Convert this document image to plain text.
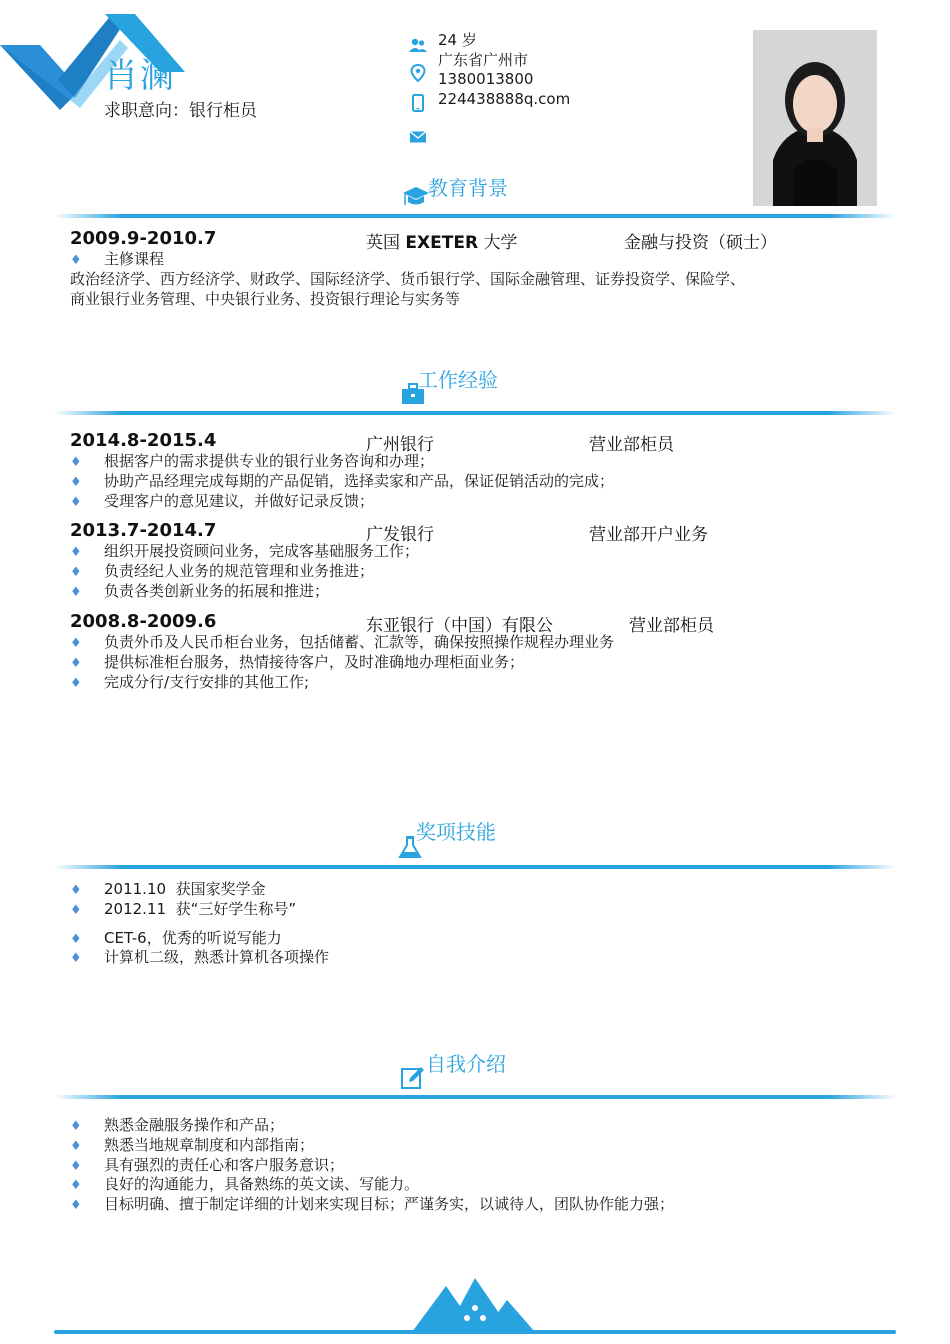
肖澜
求职意向：银行柜员
24 岁
广东省广州市
1380013800
224438888q.com
教育背景
2009.9-2010.7	英国 EXETER 大学	金融与投资（硕士）
♦ 主修课程
政治经济学、西方经济学、财政学、国际经济学、货币银行学、国际金融管理、证券投资学、保险学、
商业银行业务管理、中央银行业务、投资银行理论与实务等
工作经验
2014.8-2015.4	广州银行	营业部柜员
♦ 根据客户的需求提供专业的银行业务咨询和办理；
♦ 协助产品经理完成每期的产品促销，选择卖家和产品，保证促销活动的完成；
♦ 受理客户的意见建议，并做好记录反馈；
2013.7-2014.7	广发银行	营业部开户业务
♦ 组织开展投资顾问业务，完成客基础服务工作；
♦ 负责经纪人业务的规范管理和业务推进；
♦ 负责各类创新业务的拓展和推进；
2008.8-2009.6	东亚银行（中国）有限公	营业部柜员
♦ 负责外币及人民币柜台业务，包括储蓄、汇款等，确保按照操作规程办理业务
♦ 提供标准柜台服务，热情接待客户，及时准确地办理柜面业务；
♦ 完成分行/支行安排的其他工作;
奖项技能
♦ 2011.10  获国家奖学金
♦ 2012.11  获“三好学生称号”
♦ CET-6，优秀的听说写能力
♦ 计算机二级，熟悉计算机各项操作
自我介绍
♦ 熟悉金融服务操作和产品；
♦ 熟悉当地规章制度和内部指南；
♦ 具有强烈的责任心和客户服务意识；
♦ 良好的沟通能力，具备熟练的英文读、写能力。
♦ 目标明确、擅于制定详细的计划来实现目标；严谨务实，以诚待人，团队协作能力强；
